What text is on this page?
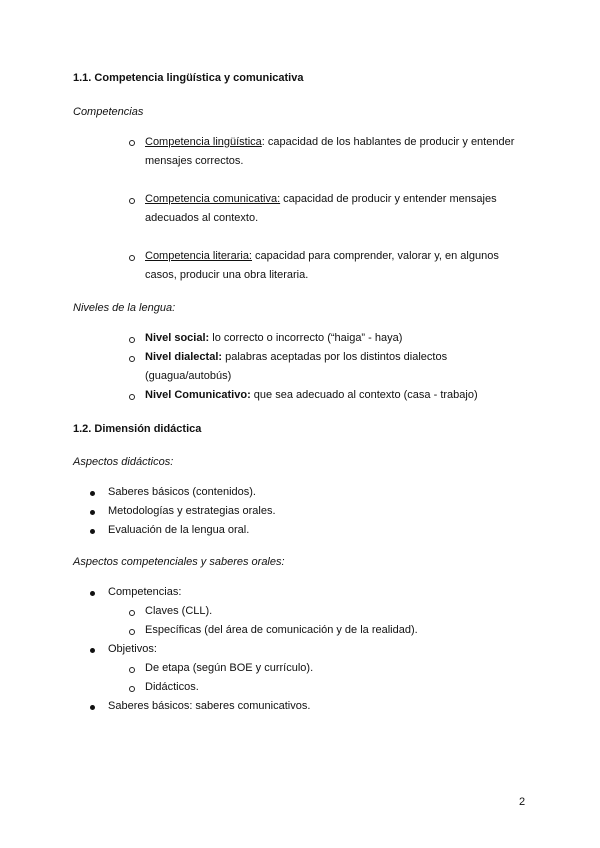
1.1. Competencia lingüística y comunicativa
Competencias
Competencia lingüística: capacidad de los hablantes de producir y entender
mensajes correctos.
Competencia comunicativa: capacidad de producir y entender mensajes
adecuados al contexto.
Competencia literaria: capacidad para comprender, valorar y, en algunos
casos, producir una obra literaria.
Niveles de la lengua:
Nivel social: lo correcto o incorrecto (“haiga” - haya)
Nivel dialectal: palabras aceptadas por los distintos dialectos
(guagua/autobús)
Nivel Comunicativo: que sea adecuado al contexto (casa - trabajo)
1.2. Dimensión didáctica
Aspectos didácticos:
Saberes básicos (contenidos).
Metodologías y estrategias orales.
Evaluación de la lengua oral.
Aspectos competenciales y saberes orales:
Competencias:
Claves (CLL).
Específicas (del área de comunicación y de la realidad).
Objetivos:
De etapa (según BOE y currículo).
Didácticos.
Saberes básicos: saberes comunicativos.
2
